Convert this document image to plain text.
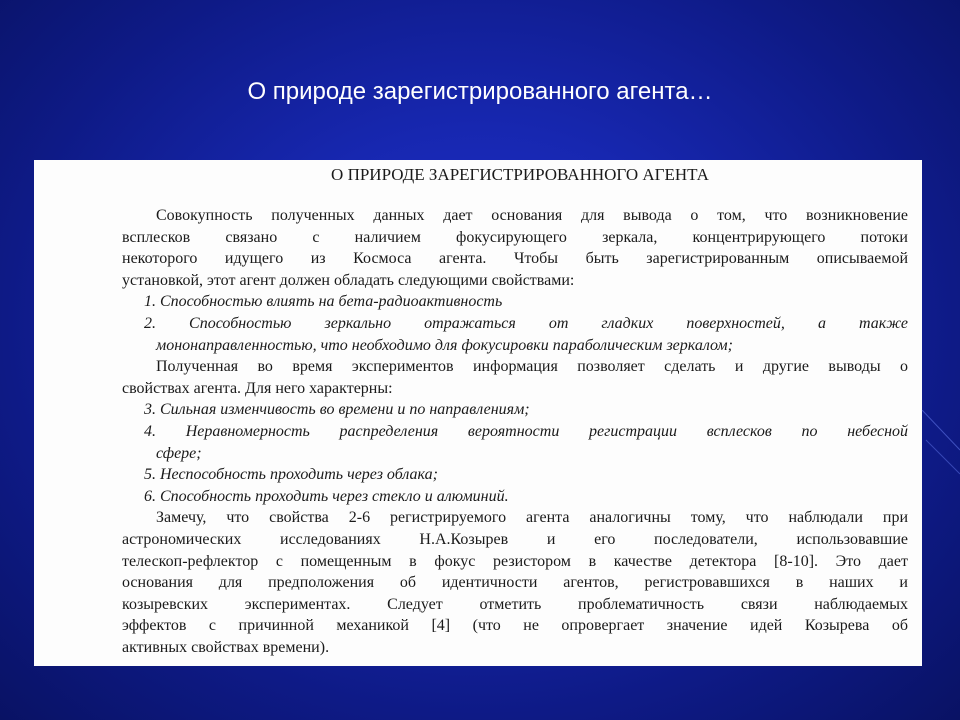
О природе зарегистрированного агента…
О ПРИРОДЕ ЗАРЕГИСТРИРОВАННОГО АГЕНТА
Совокупность полученных данных дает основания для вывода о том, что возникновение
всплесков связано с наличием фокусирующего зеркала, концентрирующего потоки
некоторого идущего из Космоса агента. Чтобы быть зарегистрированным описываемой
установкой, этот агент должен обладать следующими свойствами:
1. Способностью влиять на бета-радиоактивность
2. Способностью зеркально отражаться от гладких поверхностей, а также
мононаправленностью, что необходимо для фокусировки параболическим зеркалом;
Полученная во время экспериментов информация позволяет сделать и другие выводы о
свойствах агента. Для него характерны:
3. Сильная изменчивость во времени и по направлениям;
4. Неравномерность распределения вероятности регистрации всплесков по небесной
сфере;
5. Неспособность проходить через облака;
6. Способность проходить через стекло и алюминий.
Замечу, что свойства 2-6 регистрируемого агента аналогичны тому, что наблюдали при
астрономических исследованиях Н.А.Козырев и его последователи, использовавшие
телескоп-рефлектор с помещенным в фокус резистором в качестве детектора [8-10]. Это дает
основания для предположения об идентичности агентов, регистровавшихся в наших и
козыревских экспериментах. Следует отметить проблематичность связи наблюдаемых
эффектов с причинной механикой [4] (что не опровергает значение идей Козырева об
активных свойствах времени).
